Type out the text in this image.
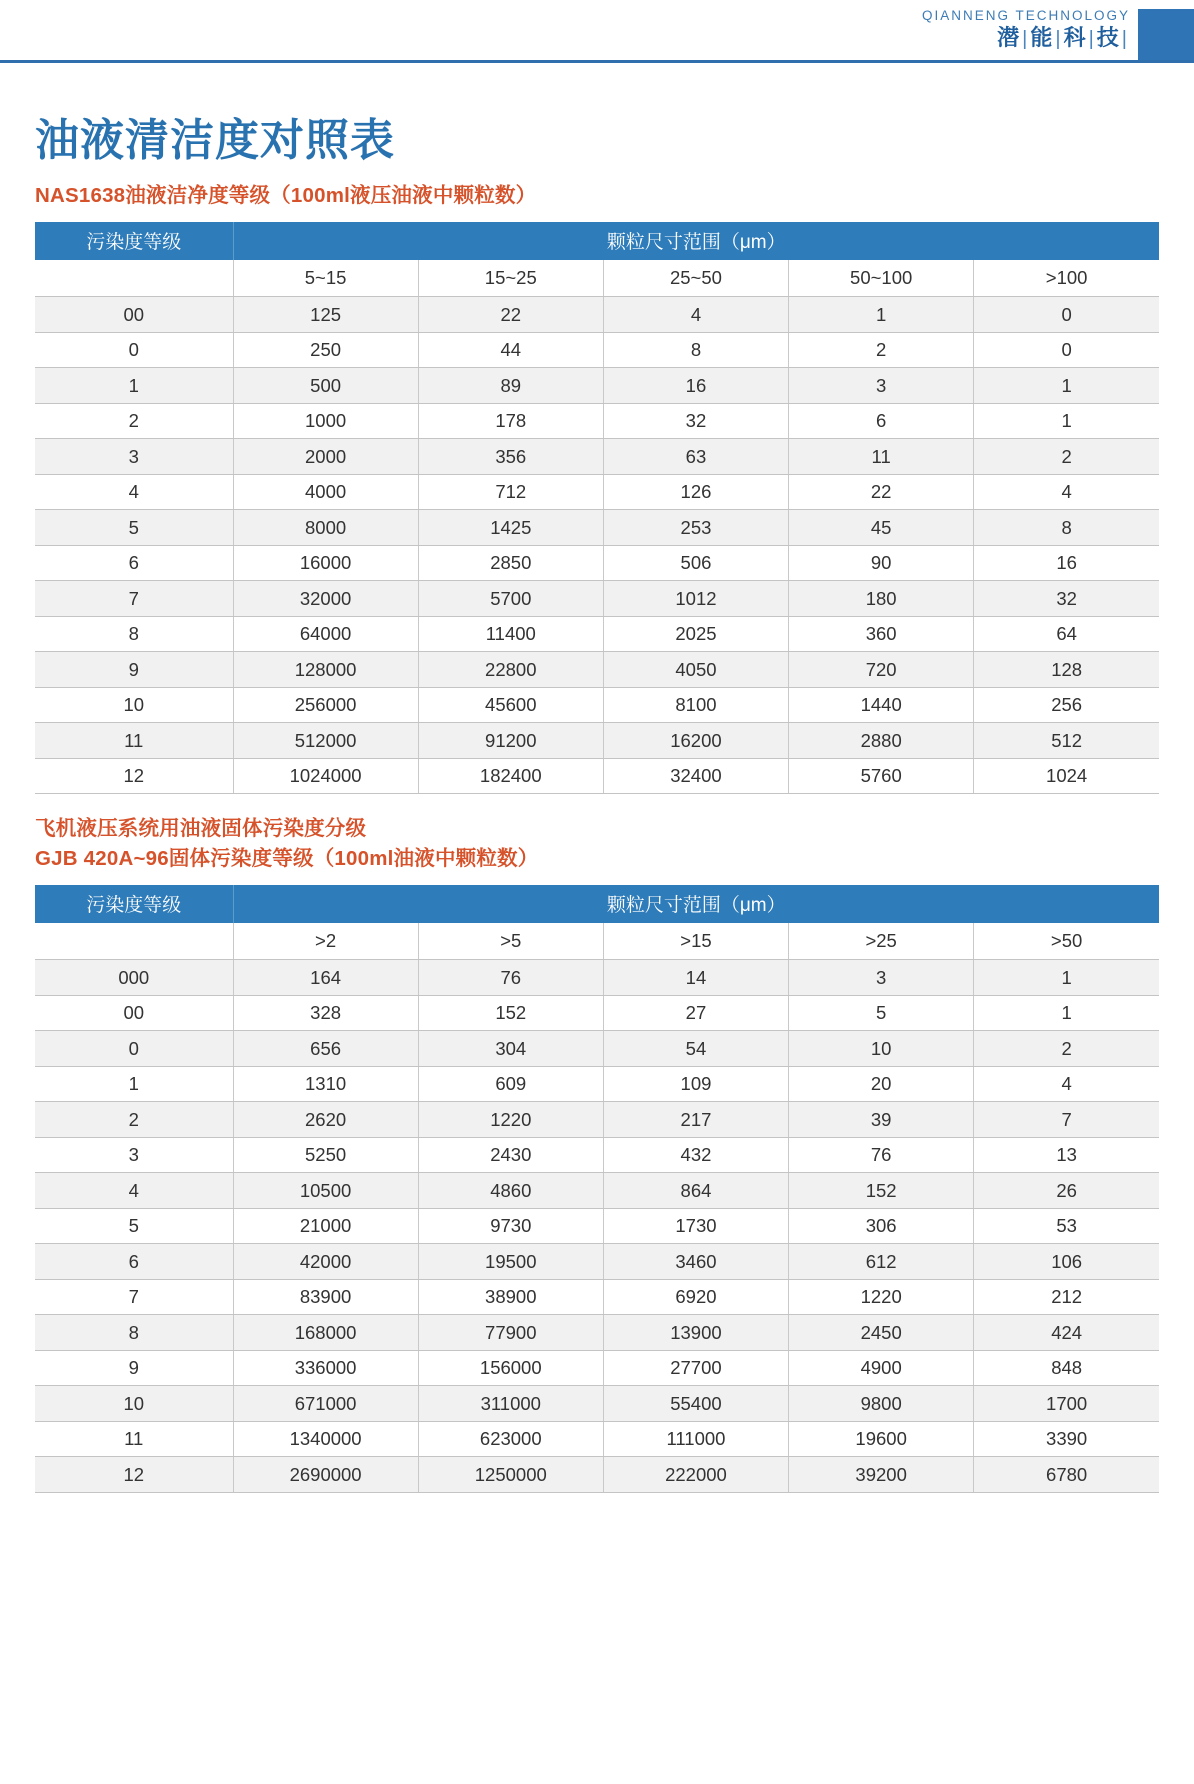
QIANNENG TECHNOLOGY
潜 |能 |科 |技 |
油液清洁度对照表
NAS1638油液洁净度等级（100ml液压油液中颗粒数）
污染度等级	颗粒尺寸范围（μm）				
	5~15	15~25	25~50	50~100	>100
00	125	22	4	1	0
0	250	44	8	2	0
1	500	89	16	3	1
2	1000	178	32	6	1
3	2000	356	63	11	2
4	4000	712	126	22	4
5	8000	1425	253	45	8
6	16000	2850	506	90	16
7	32000	5700	1012	180	32
8	64000	11400	2025	360	64
9	128000	22800	4050	720	128
10	256000	45600	8100	1440	256
11	512000	91200	16200	2880	512
12	1024000	182400	32400	5760	1024
飞机液压系统用油液固体污染度分级
GJB 420A~96固体污染度等级（100ml油液中颗粒数）
污染度等级	颗粒尺寸范围（μm）				
	>2	>5	>15	>25	>50
000	164	76	14	3	1
00	328	152	27	5	1
0	656	304	54	10	2
1	1310	609	109	20	4
2	2620	1220	217	39	7
3	5250	2430	432	76	13
4	10500	4860	864	152	26
5	21000	9730	1730	306	53
6	42000	19500	3460	612	106
7	83900	38900	6920	1220	212
8	168000	77900	13900	2450	424
9	336000	156000	27700	4900	848
10	671000	311000	55400	9800	1700
11	1340000	623000	111000	19600	3390
12	2690000	1250000	222000	39200	6780
